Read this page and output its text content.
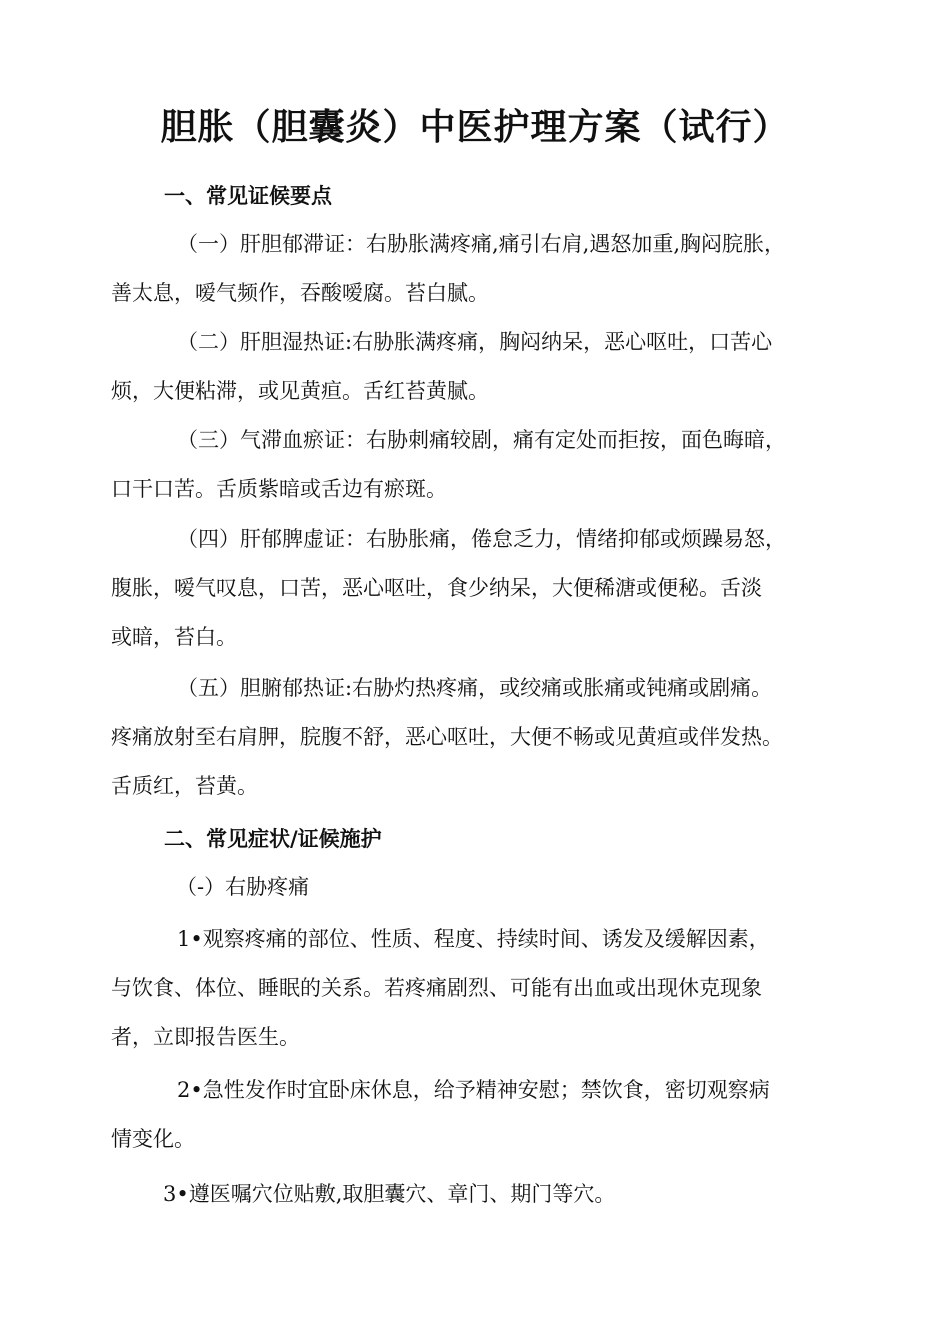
胆胀（胆囊炎）中医护理方案（试行）
一、常见证候要点
（一）肝胆郁滞证：右胁胀满疼痛,痛引右肩,遇怒加重,胸闷脘胀，
善太息，嗳气频作，吞酸嗳腐。苔白腻。
（二）肝胆湿热证:右胁胀满疼痛，胸闷纳呆，恶心呕吐，口苦心
烦，大便粘滞，或见黄疸。舌红苔黄腻。
（三）气滞血瘀证：右胁刺痛较剧，痛有定处而拒按，面色晦暗，
口干口苦。舌质紫暗或舌边有瘀斑。
（四）肝郁脾虚证：右胁胀痛，倦怠乏力，情绪抑郁或烦躁易怒，
腹胀，嗳气叹息，口苦，恶心呕吐，食少纳呆，大便稀溏或便秘。舌淡
或暗，苔白。
（五）胆腑郁热证:右胁灼热疼痛，或绞痛或胀痛或钝痛或剧痛。
疼痛放射至右肩胛，脘腹不舒，恶心呕吐，大便不畅或见黄疸或伴发热。
舌质红，苔黄。
二、常见症状/证候施护
（-）右胁疼痛
1•观察疼痛的部位、性质、程度、持续时间、诱发及缓解因素，
与饮食、体位、睡眠的关系。若疼痛剧烈、可能有出血或出现休克现象
者，立即报告医生。
2•急性发作时宜卧床休息，给予精神安慰；禁饮食，密切观察病
情变化。
3•遵医嘱穴位贴敷,取胆囊穴、章门、期门等穴。
